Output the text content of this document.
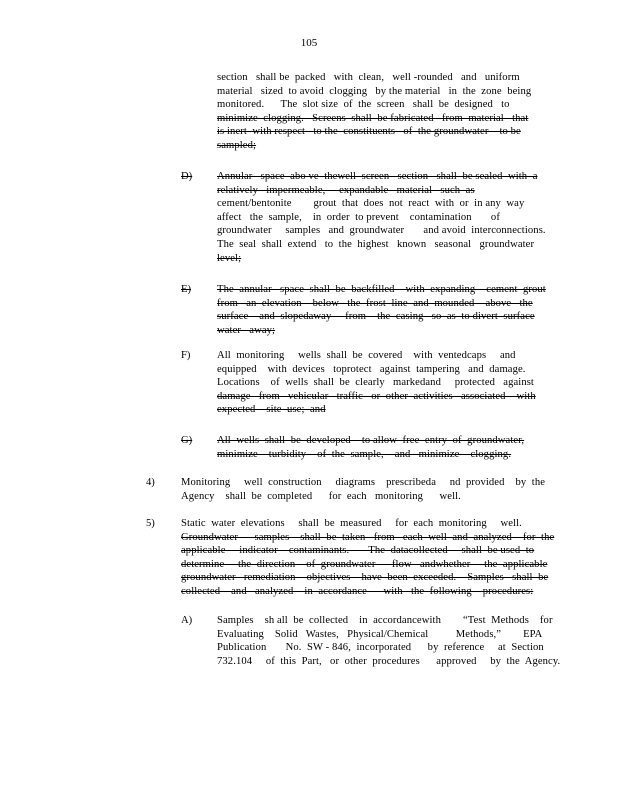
105
section   shall be  packed   with  clean,   well -rounded   and   uniform
material   sized  to avoid  clogging   by the material   in  the  zone  being
monitored.      The  slot size  of  the  screen   shall  be  designed   to
minimize  clogging.   Screens  shall  be fabricated   from  material   that
is inert  with respect   to the  constituents   of  the groundwater    to be
sampled;
D) Annular   space  abo ve  thewell  screen   section   shall  be sealed  with  a
relatively   impermeable,     expandable   material   such  as
cement/bentonite        grout  that  does  not  react  with  or  in any  way
affect   the  sample,    in  order  to prevent    contamination       of
groundwater     samples   and  groundwater       and avoid  interconnections.
The  seal  shall  extend   to  the  highest   known   seasonal   groundwater
level;
E) The  annular   space  shall  be  backfilled    with  expanding    cement  grout
from   an  elevation    below   the  frost  line  and  mounded    above   the
surface    and  slopedaway     from    the  casing   so  as  to divert  surface
water   away;
F)	All  monitoring     wells  shall  be  covered    with  ventedcaps     and
equipped    with  devices   toprotect   against  tampering   and  damage.
Locations    of  wells  shall  be  clearly   markedand     protected   against
damage   from   vehicular   traffic   or  other  activities   associated    with
expected    site  use;  and
G) All  wells  shall  be  developed    to allow  free  entry  of  groundwater,
minimize    turbidity    of  the  sample,    and   minimize    clogging.
4) Monitoring     well  construction     diagrams    prescribeda     nd  provided    by  the
Agency    shall  be  completed      for  each   monitoring      well.
5) Static  water  elevations     shall  be  measured     for  each  monitoring     well.
Groundwater      samples    shall  be  taken   from   each  well  and  analyzed    for  the
applicable     indicator    contaminants.       The  datacollected     shall  be used  to
determine     the  direction    of  groundwater      flow   andwhether     the  applicable
groundwater   remediation    objectives    have  been  exceeded.    Samples   shall  be
collected    and   analyzed    in  accordance      with   the  following    procedures:
A) Samples    sh all  be  collected    in  accordancewith        “Test  Methods    for
Evaluating    Solid   Wastes,   Physical/Chemical          Methods,”        EPA
Publication       No.  SW - 846,  incorporated      by  reference     at  Section
732.104     of  this  Part,   or  other  procedures      approved     by  the  Agency.
